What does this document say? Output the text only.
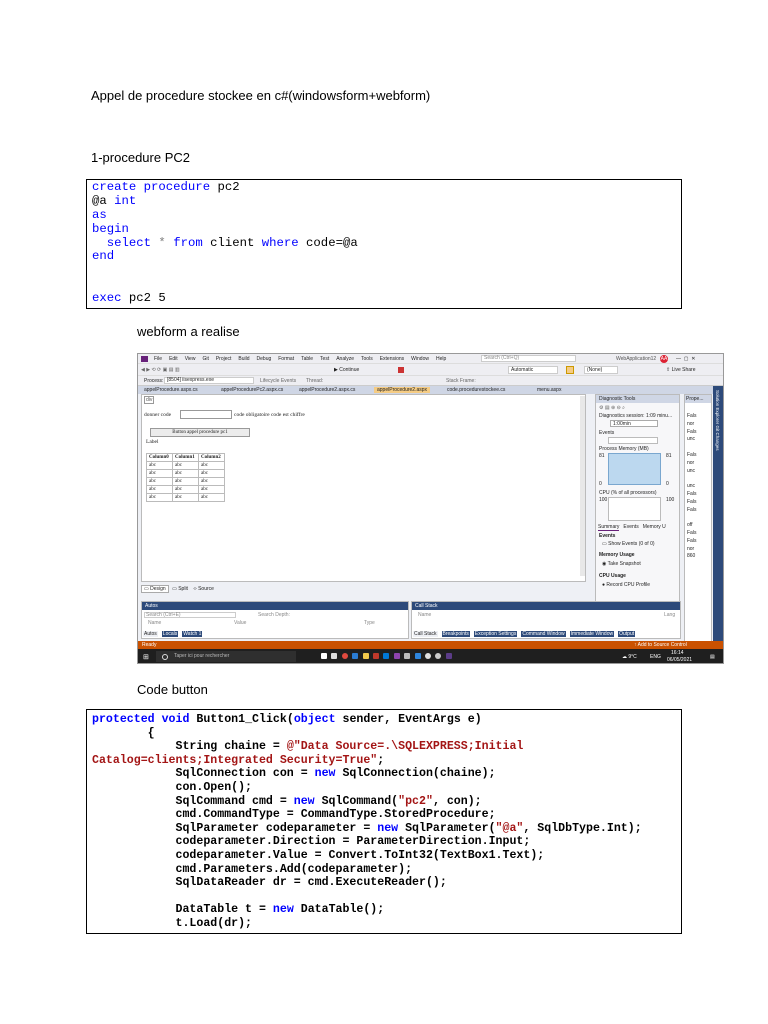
Appel de procedure stockee en c#(windowsform+webform)
1-procedure PC2
create procedure pc2
@a int
as
begin
select * from client where code=@a
end
exec pc2 5
webform a realise
File Edit View Git Project Build Debug Format Table Test Analyze Tools Extensions Window Help	Search (Ctrl+Q)	WebApplication12 AA —  ▢  ✕
◀ ▶ ⟲ ⟳ ▣ ▤ ▥	▶ Continue	Automatic	(None)	⇧ Live Share
Process: [8504] iisexpress.exe	Lifecycle Events Thread:	Stack Frame:
appelProcedure.aspx.cs	appelProcedurePc2.aspx.cs	appelProcedure2.aspx.cs	appelProcedure2.aspx	code.procedurestockee.cs	menu.aspx
div
donner code	code obligatoire code est chiffre
Button appel procedure pc1
Label
Column0	Column1	Column2
abc	abc	abc
abc	abc	abc
abc	abc	abc
abc	abc	abc
abc	abc	abc
▭ Design ▭ Split ‹› Source
Diagnostic Tools
⚙ ▤ ⊕ ⊖ ⌕
Diagnostics session: 1:09 minu...
1:00min
Events
Process Memory (MB)
81	81
0	0
CPU (% of all processors)
100	100
Summary Events Memory U
Events
▭ Show Events (0 of 0)
Memory Usage
◉ Take Snapshot
CPU Usage
● Record CPU Profile
Prope...
Fals
nor
Fals
unc

Fals
nor
unc

unc
Fals
Fals
Fals

off
Fals
Fals
nor
860
Solution Explorer Git Changes
Autos
Search (Ctrl+E)	Search Depth:
Name	Value	Type
Autos Locals Watch 1
Call Stack
Name	Lang
Call Stack Breakpoints Exception Settings Command Window Immediate Window Output
Ready	↑ Add to Source Control
⊞	Taper ici pour rechercher
	☁ 9°C	ENG
16:14
06/05/2021	▤
Code button
protected void Button1_Click(object sender, EventArgs e)
{
String chaine = @"Data Source=.\SQLEXPRESS;Initial
Catalog=clients;Integrated Security=True";
SqlConnection con = new SqlConnection(chaine);
con.Open();
SqlCommand cmd = new SqlCommand("pc2", con);
cmd.CommandType = CommandType.StoredProcedure;
SqlParameter codeparameter = new SqlParameter("@a", SqlDbType.Int);
codeparameter.Direction = ParameterDirection.Input;
codeparameter.Value = Convert.ToInt32(TextBox1.Text);
cmd.Parameters.Add(codeparameter);
SqlDataReader dr = cmd.ExecuteReader();
DataTable t = new DataTable();
t.Load(dr);
